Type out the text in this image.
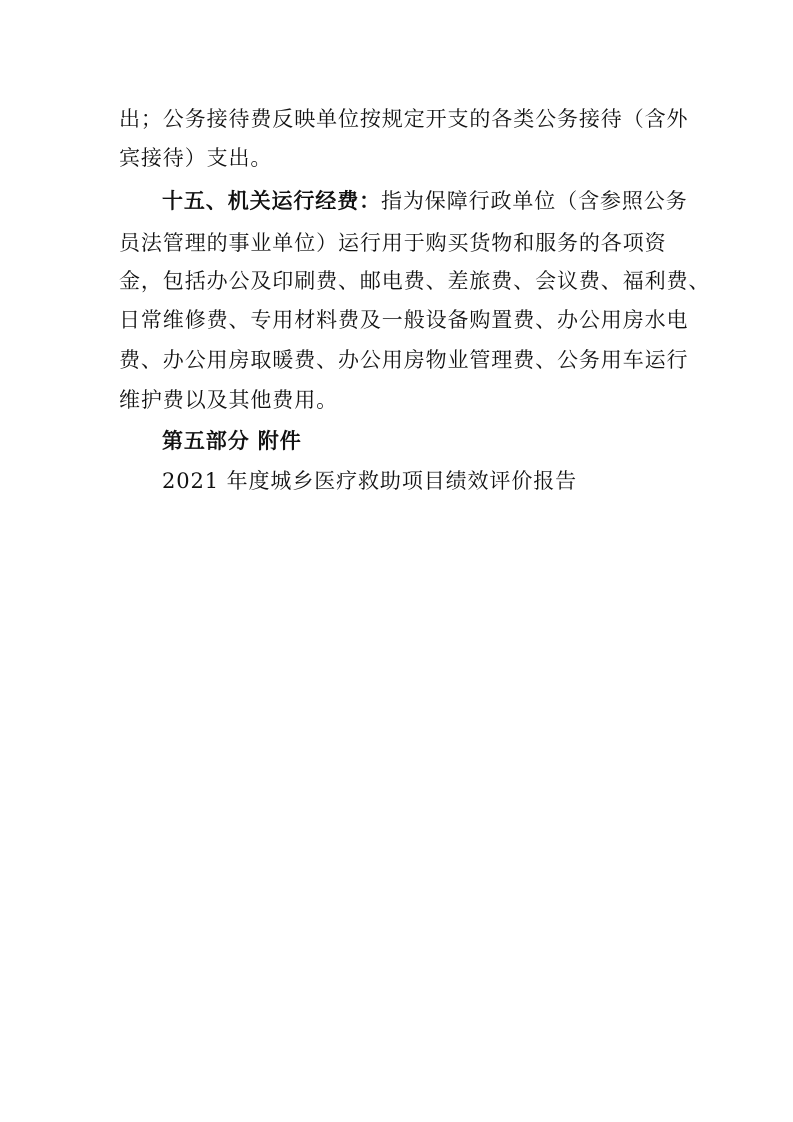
出；公务接待费反映单位按规定开支的各类公务接待（含外
宾接待）支出。
十五、机关运行经费：指为保障行政单位（含参照公务
员法管理的事业单位）运行用于购买货物和服务的各项资
金，包括办公及印刷费、邮电费、差旅费、会议费、福利费、
日常维修费、专用材料费及一般设备购置费、办公用房水电
费、办公用房取暖费、办公用房物业管理费、公务用车运行
维护费以及其他费用。
第五部分 附件
2021 年度城乡医疗救助项目绩效评价报告
